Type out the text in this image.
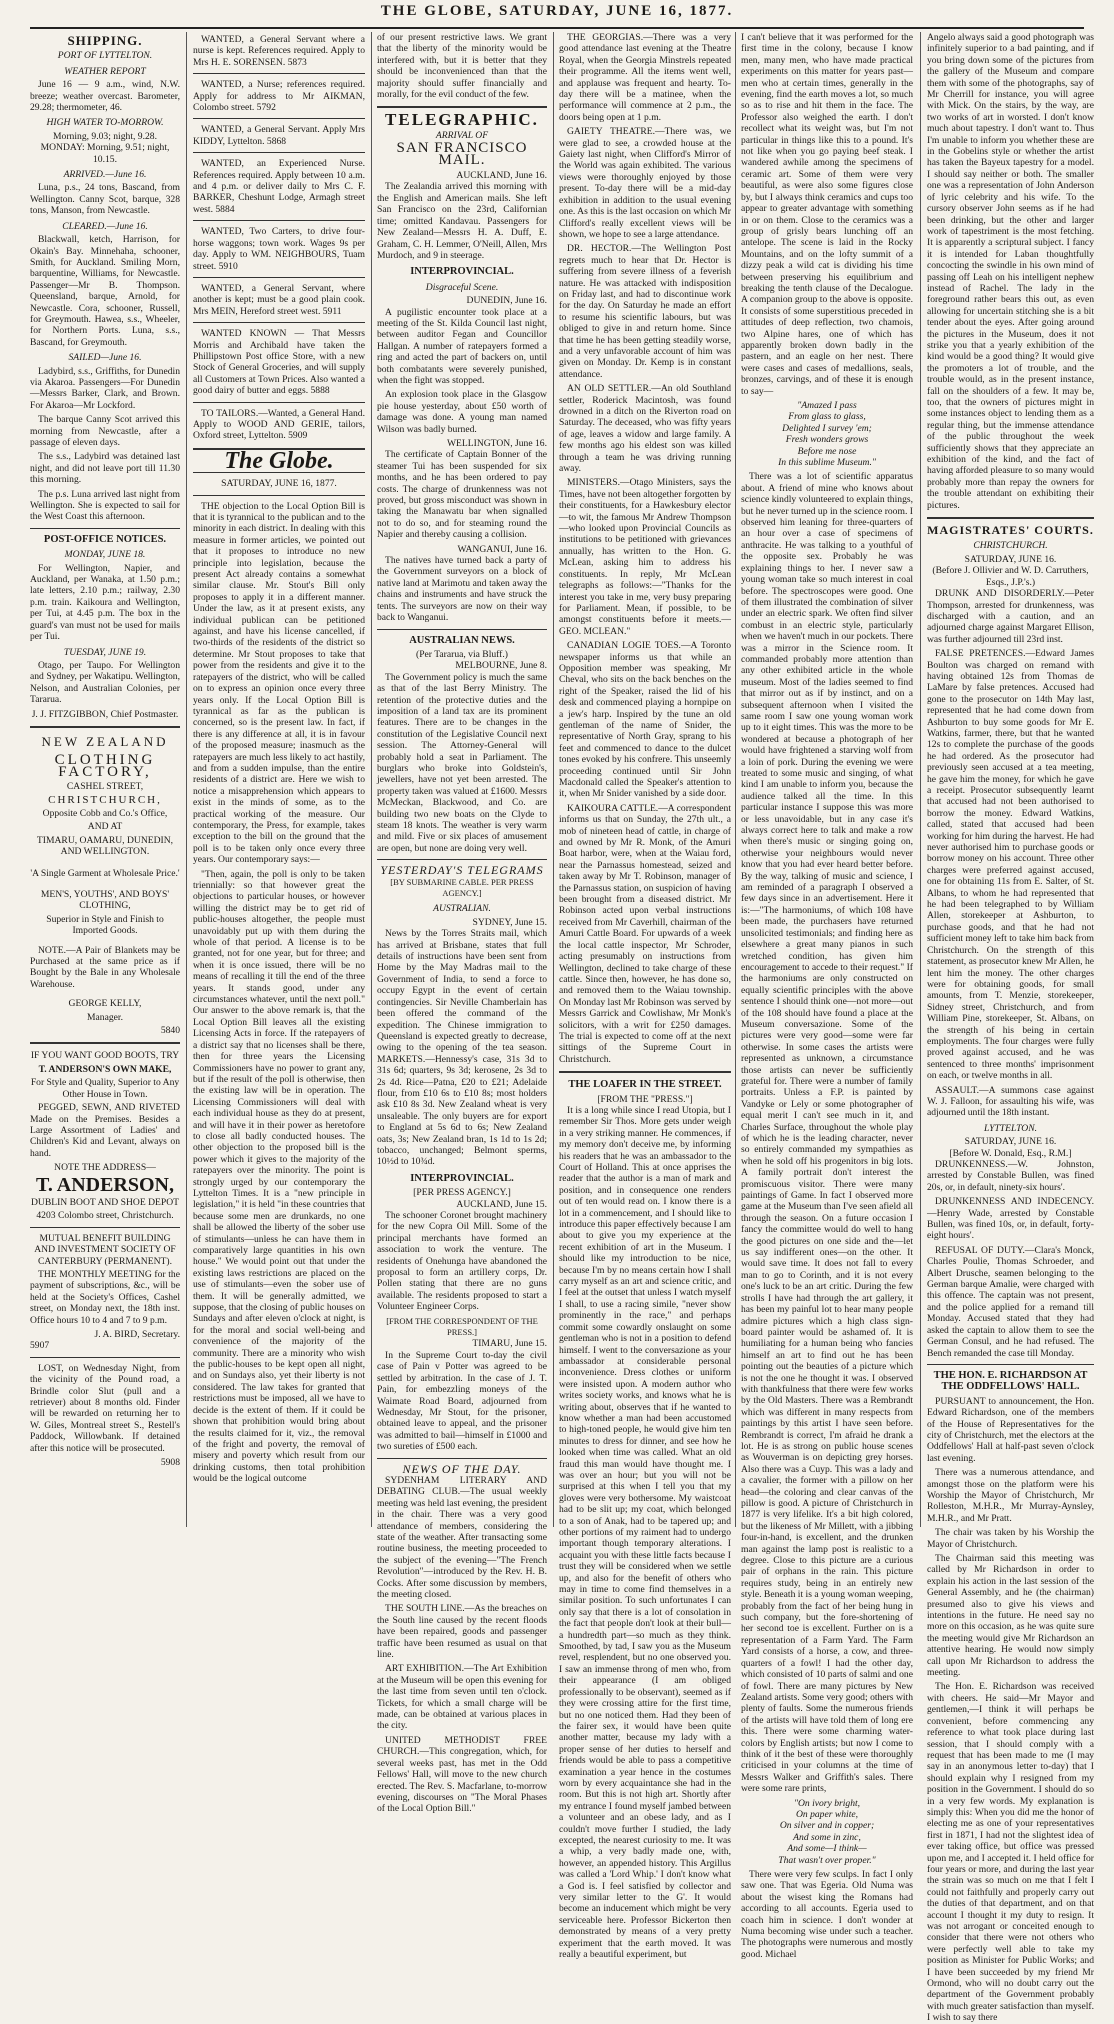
THE GLOBE, SATURDAY, JUNE 16, 1877.
SHIPPING.
PORT OF LYTTELTON.
WEATHER REPORT

June 16 — 9 a.m., wind, N.W. breeze; weather overcast. Barometer, 29.28; thermometer, 46.

HIGH WATER TO-MORROW.

Morning, 9.03; night, 9.28. MONDAY: Morning, 9.51; night, 10.15.

ARRIVED.—June 16.

Luna, p.s., 24 tons, Bascand, from Wellington. Canny Scot, barque, 328 tons, Manson, from Newcastle.

CLEARED.—June 16.

Blackwall, ketch, Harrison, for Okain's Bay. Minnehaha, schooner, Smith, for Auckland. Smiling Morn, barquentine, Williams, for Newcastle. Passenger—Mr B. Thompson. Queensland, barque, Arnold, for Newcastle. Cora, schooner, Russell, for Greymouth. Hawea, s.s., Wheeler, for Northern Ports. Luna, s.s., Bascand, for Greymouth.

SAILED—June 16.

Ladybird, s.s., Griffiths, for Dunedin via Akaroa. Passengers—For Dunedin—Messrs Barker, Clark, and Brown. For Akaroa—Mr Lockford.

The barque Canny Scot arrived this morning from Newcastle, after a passage of eleven days.

The s.s., Ladybird was detained last night, and did not leave port till 11.30 this morning.

The p.s. Luna arrived last night from Wellington. She is expected to sail for the West Coast this afternoon.

POST-OFFICE NOTICES.
MONDAY, JUNE 18.

For Wellington, Napier, and Auckland, per Wanaka, at 1.50 p.m.; late letters, 2.10 p.m.; railway, 2.30 p.m. train. Kaikoura and Wellington, per Tui, at 4.45 p.m. The box in the guard's van must not be used for mails per Tui.

TUESDAY, JUNE 19.

Otago, per Taupo. For Wellington and Sydney, per Wakatipu. Wellington, Nelson, and Australian Colonies, per Tararua.

J. J. FITZGIBBON, Chief Postmaster.

NEW ZEALAND
CLOTHING FACTORY,
CASHEL STREET,
CHRISTCHURCH,
Opposite Cobb and Co.'s Office,
AND AT
TIMARU, OAMARU, DUNEDIN, AND WELLINGTON.
'A Single Garment at Wholesale Price.'
MEN'S, YOUTHS', AND BOYS' CLOTHING,
Superior in Style and Finish to Imported Goods.

NOTE.—A Pair of Blankets may be Purchased at the same price as if Bought by the Bale in any Wholesale Warehouse.

GEORGE KELLY,
Manager.
5840
IF YOU WANT GOOD BOOTS, TRY
T. ANDERSON'S OWN MAKE,
For Style and Quality, Superior to Any Other House in Town.

PEGGED, SEWN, AND RIVETED Made on the Premises. Besides a Large Assortment of Ladies' and Children's Kid and Levant, always on hand.

NOTE THE ADDRESS—
T. ANDERSON,
DUBLIN BOOT AND SHOE DEPOT
4203 Colombo street, Christchurch.
MUTUAL BENEFIT BUILDING AND INVESTMENT SOCIETY OF CANTERBURY (PERMANENT).

THE MONTHLY MEETING for the payment of subscriptions, &c., will be held at the Society's Offices, Cashel street, on Monday next, the 18th inst. Office hours 10 to 4 and 7 to 9 p.m.

J. A. BIRD, Secretary.
5907

LOST, on Wednesday Night, from the vicinity of the Pound road, a Brindle color Slut (pull and a retriever) about 8 months old. Finder will be rewarded on returning her to W. Giles, Montreal street S., Restell's Paddock, Willowbank. If detained after this notice will be prosecuted.

5908

WANTED, a General Servant where a nurse is kept. References required. Apply to Mrs H. E. SORENSEN. 5873

WANTED, a Nurse; references required. Apply for address to Mr AIKMAN, Colombo street. 5792

WANTED, a General Servant. Apply Mrs KIDDY, Lyttelton. 5868

WANTED, an Experienced Nurse. References required. Apply between 10 a.m. and 4 p.m. or deliver daily to Mrs C. F. BARKER, Cheshunt Lodge, Armagh street west. 5884

WANTED, Two Carters, to drive four-horse waggons; town work. Wages 9s per day. Apply to WM. NEIGHBOURS, Tuam street. 5910

WANTED, a General Servant, where another is kept; must be a good plain cook. Mrs MEIN, Hereford street west. 5911

WANTED KNOWN — That Messrs Morris and Archibald have taken the Phillipstown Post office Store, with a new Stock of General Groceries, and will supply all Customers at Town Prices. Also wanted a good dairy of butter and eggs. 5888

TO TAILORS.—Wanted, a General Hand. Apply to WOOD AND GERIE, tailors, Oxford street, Lyttelton. 5909

The Globe.
SATURDAY, JUNE 16, 1877.

THE objection to the Local Option Bill is that it is tyrannical to the publican and to the minority in each district. In dealing with this measure in former articles, we pointed out that it proposes to introduce no new principle into legislation, because the present Act already contains a somewhat similar clause. Mr. Stout's Bill only proposes to apply it in a different manner. Under the law, as it at present exists, any individual publican can be petitioned against, and have his license cancelled, if two-thirds of the residents of the district so determine. Mr Stout proposes to take that power from the residents and give it to the ratepayers of the district, who will be called on to express an opinion once every three years only. If the Local Option Bill is tyrannical as far as the publican is concerned, so is the present law. In fact, if there is any difference at all, it is in favour of the proposed measure; inasmuch as the ratepayers are much less likely to act hastily, and from a sudden impulse, than the entire residents of a district are. Here we wish to notice a misapprehension which appears to exist in the minds of some, as to the practical working of the measure. Our contemporary, the Press, for example, takes exception to the bill on the ground that the poll is to be taken only once every three years. Our contemporary says:—

"Then, again, the poll is only to be taken triennially: so that however great the objections to particular houses, or however willing the district may be to get rid of public-houses altogether, the people must unavoidably put up with them during the whole of that period. A license is to be granted, not for one year, but for three; and when it is once issued, there will be no means of recalling it till the end of the three years. It stands good, under any circumstances whatever, until the next poll." Our answer to the above remark is, that the Local Option Bill leaves all the existing Licensing Acts in force. If the ratepayers of a district say that no licenses shall be there, then for three years the Licensing Commissioners have no power to grant any, but if the result of the poll is otherwise, then the existing law will be in operation. The Licensing Commissioners will deal with each individual house as they do at present, and will have it in their power as heretofore to close all badly conducted houses. The other objection to the proposed bill is the power which it gives to the majority of the ratepayers over the minority. The point is strongly urged by our contemporary the Lyttelton Times. It is a "new principle in legislation," it is held "in these countries that because some men are drunkards, no one shall be allowed the liberty of the sober use of stimulants—unless he can have them in comparatively large quantities in his own house." We would point out that under the existing laws restrictions are placed on the use of stimulants—even the sober use of them. It will be generally admitted, we suppose, that the closing of public houses on Sundays and after eleven o'clock at night, is for the moral and social well-being and convenience of the majority of the community. There are a minority who wish the public-houses to be kept open all night, and on Sundays also, yet their liberty is not considered. The law takes for granted that restrictions must be imposed, all we have to decide is the extent of them. If it could be shown that prohibition would bring about the results claimed for it, viz., the removal of the fright and poverty, the removal of misery and poverty which result from our drinking customs, then total prohibition would be the logical outcome

of our present restrictive laws. We grant that the liberty of the minority would be interfered with, but it is better that they should be inconvenienced than that the majority should suffer financially and morally, for the evil conduct of the few.

TELEGRAPHIC.
ARRIVAL OF
SAN FRANCISCO MAIL.
AUCKLAND, June 16.

The Zealandia arrived this morning with the English and American mails. She left San Francisco on the 23rd, Californian time; omitted Kandavau. Passengers for New Zealand—Messrs H. A. Duff, E. Graham, C. H. Lemmer, O'Neill, Allen, Mrs Murdoch, and 9 in steerage.

INTERPROVINCIAL.
Disgraceful Scene.
DUNEDIN, June 16.

A pugilistic encounter took place at a meeting of the St. Kilda Council last night, between auditor Fegan and Councillor Hallgan. A number of ratepayers formed a ring and acted the part of backers on, until both combatants were severely punished, when the fight was stopped.

An explosion took place in the Glasgow pie house yesterday, about £50 worth of damage was done. A young man named Wilson was badly burned.

WELLINGTON, June 16.

The certificate of Captain Bonner of the steamer Tui has been suspended for six months, and he has been ordered to pay costs. The charge of drunkenness was not proved, but gross misconduct was shown in taking the Manawatu bar when signalled not to do so, and for steaming round the Napier and thereby causing a collision.

WANGANUI, June 16.

The natives have turned back a party of the Government surveyors on a block of native land at Marimotu and taken away the chains and instruments and have struck the tents. The surveyors are now on their way back to Wanganui.

AUSTRALIAN NEWS.
(Per Tararua, via Bluff.)
MELBOURNE, June 8.

The Government policy is much the same as that of the last Berry Ministry. The retention of the protective duties and the imposition of a land tax are its prominent features. There are to be changes in the constitution of the Legislative Council next session. The Attorney-General will probably hold a seat in Parliament. The burglars who broke into Goldstein's, jewellers, have not yet been arrested. The property taken was valued at £1600. Messrs McMeckan, Blackwood, and Co. are building two new boats on the Clyde to steam 18 knots. The weather is very warm and mild. Five or six places of amusement are open, but none are doing very well.

YESTERDAY'S TELEGRAMS
[BY SUBMARINE CABLE. PER PRESS AGENCY.]
AUSTRALIAN.
SYDNEY, June 15.

News by the Torres Straits mail, which has arrived at Brisbane, states that full details of instructions have been sent from Home by the May Madras mail to the Government of India, to send a force to occupy Egypt in the event of certain contingencies. Sir Neville Chamberlain has been offered the command of the expedition. The Chinese immigration to Queensland is expected greatly to decrease, owing to the opening of the tea season. MARKETS.—Hennessy's case, 31s 3d to 31s 6d; quarters, 9s 3d; kerosene, 2s 3d to 2s 4d. Rice—Patna, £20 to £21; Adelaide flour, from £10 6s to £10 8s; most holders ask £10 8s 3d. New Zealand wheat is very unsaleable. The only buyers are for export to England at 5s 6d to 6s; New Zealand oats, 3s; New Zealand bran, 1s 1d to 1s 2d; tobacco, unchanged; Belmont sperms, 10½d to 10¾d.

INTERPROVINCIAL.
[PER PRESS AGENCY.]
AUCKLAND, June 15.

The schooner Coronet brought machinery for the new Copra Oil Mill. Some of the principal merchants have formed an association to work the venture. The residents of Onehunga have abandoned the proposal to form an artillery corps, Dr. Pollen stating that there are no guns available. The residents proposed to start a Volunteer Engineer Corps.

[FROM THE CORRESPONDENT OF THE PRESS.]
TIMARU, June 15.

In the Supreme Court to-day the civil case of Pain v Potter was agreed to be settled by arbitration. In the case of J. T. Pain, for embezzling moneys of the Waimate Road Board, adjourned from Wednesday, Mr Stout, for the prisoner, obtained leave to appeal, and the prisoner was admitted to bail—himself in £1000 and two sureties of £500 each.

NEWS OF THE DAY.

SYDENHAM LITERARY AND DEBATING CLUB.—The usual weekly meeting was held last evening, the president in the chair. There was a very good attendance of members, considering the state of the weather. After transacting some routine business, the meeting proceeded to the subject of the evening—"The French Revolution"—introduced by the Rev. H. B. Cocks. After some discussion by members, the meeting closed.

THE SOUTH LINE.—As the breaches on the South line caused by the recent floods have been repaired, goods and passenger traffic have been resumed as usual on that line.

ART EXHIBITION.—The Art Exhibition at the Museum will be open this evening for the last time from seven until ten o'clock. Tickets, for which a small charge will be made, can be obtained at various places in the city.

UNITED METHODIST FREE CHURCH.—This congregation, which, for several weeks past, has met in the Odd Fellows' Hall, will move to the new church erected. The Rev. S. Macfarlane, to-morrow evening, discourses on "The Moral Phases of the Local Option Bill."

THE GEORGIAS.—There was a very good attendance last evening at the Theatre Royal, when the Georgia Minstrels repeated their programme. All the items went well, and applause was frequent and hearty. To-day there will be a matinee, when the performance will commence at 2 p.m., the doors being open at 1 p.m.

GAIETY THEATRE.—There was, we were glad to see, a crowded house at the Gaiety last night, when Clifford's Mirror of the World was again exhibited. The various views were thoroughly enjoyed by those present. To-day there will be a mid-day exhibition in addition to the usual evening one. As this is the last occasion on which Mr Clifford's really excellent views will be shown, we hope to see a large attendance.

DR. HECTOR.—The Wellington Post regrets much to hear that Dr. Hector is suffering from severe illness of a feverish nature. He was attacked with indisposition on Friday last, and had to discontinue work for the day. On Saturday he made an effort to resume his scientific labours, but was obliged to give in and return home. Since that time he has been getting steadily worse, and a very unfavorable account of him was given on Monday. Dr. Kemp is in constant attendance.

AN OLD SETTLER.—An old Southland settler, Roderick Macintosh, was found drowned in a ditch on the Riverton road on Saturday. The deceased, who was fifty years of age, leaves a widow and large family. A few months ago his eldest son was killed through a team he was driving running away.

MINISTERS.—Otago Ministers, says the Times, have not been altogether forgotten by their constituents, for a Hawkesbury elector—to wit, the famous Mr Andrew Thompson—who looked upon Provincial Councils as institutions to be petitioned with grievances annually, has written to the Hon. G. McLean, asking him to address his constituents. In reply, Mr McLean telegraphs as follows:—"Thanks for the interest you take in me, very busy preparing for Parliament. Mean, if possible, to be amongst constituents before it meets.—GEO. MCLEAN."

CANADIAN LOGIE TOES.—A Toronto newspaper informs us that while an Opposition member was speaking, Mr Cheval, who sits on the back benches on the right of the Speaker, raised the lid of his desk and commenced playing a hornpipe on a jew's harp. Inspired by the tune an old gentleman of the name of Snider, the representative of North Gray, sprang to his feet and commenced to dance to the dulcet tones evoked by his confrere. This unseemly proceeding continued until Sir John Macdonald called the Speaker's attention to it, when Mr Snider vanished by a side door.

KAIKOURA CATTLE.—A correspondent informs us that on Sunday, the 27th ult., a mob of nineteen head of cattle, in charge of and owned by Mr R. Monk, of the Amuri Boat harbor, were, when at the Waiau ford, near the Parnassus homestead, seized and taken away by Mr T. Robinson, manager of the Parnassus station, on suspicion of having been brought from a diseased district. Mr Robinson acted upon verbal instructions received from Mr Caverhill, chairman of the Amuri Cattle Board. For upwards of a week the local cattle inspector, Mr Schroder, acting presumably on instructions from Wellington, declined to take charge of these cattle. Since then, however, he has done so, and removed them to the Waiau township. On Monday last Mr Robinson was served by Messrs Garrick and Cowlishaw, Mr Monk's solicitors, with a writ for £250 damages. The trial is expected to come off at the next sittings of the Supreme Court in Christchurch.

THE LOAFER IN THE STREET.
[FROM THE "PRESS."]

It is a long while since I read Utopia, but I remember Sir Thos. More gets under weigh in a very striking manner. He commences, if my memory don't deceive me, by informing his readers that he was an ambassador to the Court of Holland. This at once apprises the reader that the author is a man of mark and position, and in consequence one renders out of ten would read on. I know there is a lot in a commencement, and I should like to introduce this paper effectively because I am about to give you my experience at the recent exhibition of art in the Museum. I should like my introduction to be nice, because I'm by no means certain how I shall carry myself as an art and science critic, and I feel at the outset that unless I watch myself I shall, to use a racing simile, "never show prominently in the race," and perhaps commit some cowardly onslaught on some gentleman who is not in a position to defend himself. I went to the conversazione as your ambassador at considerable personal inconvenience. Dress clothes or uniform were insisted upon. A modern author who writes society works, and knows what he is writing about, observes that if he wanted to know whether a man had been accustomed to high-toned people, he would give him ten minutes to dress for dinner, and see how he looked when time was called. What an old fraud this man would have thought me. I was over an hour; but you will not be surprised at this when I tell you that my gloves were very bothersome. My waistcoat had to be slit up; my coat, which belonged to a son of Anak, had to be tapered up; and other portions of my raiment had to undergo important though temporary alterations. I acquaint you with these little facts because I trust they will be considered when we settle up, and also for the benefit of others who may in time to come find themselves in a similar position. To such unfortunates I can only say that there is a lot of consolation in the fact that people don't look at their bull—a hundredth part—so much as they think. Smoothed, by tad, I saw you as the Museum revel, resplendent, but no one observed you. I saw an immense throng of men who, from their appearance (I am obliged professionally to be observant), seemed as if they were crossing attire for the first time, but no one noticed them. Had they been of the fairer sex, it would have been quite another matter, because my lady with a proper sense of her duties to herself and friends would be able to pass a competitive examination a year hence in the costumes worn by every acquaintance she had in the room. But this is not high art. Shortly after my entrance I found myself jambed between a volunteer and an obese lady, and as I couldn't move further I studied, the lady excepted, the nearest curiosity to me. It was a whip, a very badly made one, with, however, an appended history. This Argillus was called a 'Lord Whip.' I don't know what a God is. I feel satisfied by collector and very similar letter to the G'. It would become an inducement which might be very serviceable here. Professor Bickerton then demonstrated by means of a very pretty experiment that the earth moved. It was really a beautiful experiment, but

I can't believe that it was performed for the first time in the colony, because I know men, many men, who have made practical experiments on this matter for years past—men who at certain times, generally in the evening, find the earth moves a lot, so much so as to rise and hit them in the face. The Professor also weighed the earth. I don't recollect what its weight was, but I'm not particular in things like this to a pound. It's not like when you go paying beef steak. I wandered awhile among the specimens of ceramic art. Some of them were very beautiful, as were also some figures close by, but I always think ceramics and cups too appear to greater advantage with something in or on them. Close to the ceramics was a group of grisly bears lunching off an antelope. The scene is laid in the Rocky Mountains, and on the lofty summit of a dizzy peak a wild cat is dividing his time between preserving his equilibrium and breaking the tenth clause of the Decalogue. A companion group to the above is opposite. It consists of some superstitious preceded in attitudes of deep reflection, two chamois, two Alpine hares, one of which has apparently broken down badly in the pastern, and an eagle on her nest. There were cases and cases of medallions, seals, bronzes, carvings, and of these it is enough to say—

"Amazed I pass
From glass to glass,
Delighted I survey 'em;
Fresh wonders grows
Before me nose
In this sublime Museum."

There was a lot of scientific apparatus about. A friend of mine who knows about science kindly volunteered to explain things, but he never turned up in the science room. I observed him leaning for three-quarters of an hour over a case of specimens of anthracite. He was talking to a youthful of the opposite sex. Probably he was explaining things to her. I never saw a young woman take so much interest in coal before. The spectroscopes were good. One of them illustrated the combination of silver under an electric spark. We often find silver combust in an electric style, particularly when we haven't much in our pockets. There was a mirror in the Science room. It commanded probably more attention than any other exhibited article in the whole museum. Most of the ladies seemed to find that mirror out as if by instinct, and on a subsequent afternoon when I visited the same room I saw one young woman work up to it eight times. This was the more to be wondered at because a photograph of her would have frightened a starving wolf from a loin of pork. During the evening we were treated to some music and singing, of what kind I am unable to inform you, because the audience talked all the time. In this particular instance I suppose this was more or less unavoidable, but in any case it's always correct here to talk and make a row when there's music or singing going on, otherwise your neighbours would never know that you had ever heard better before. By the way, talking of music and science, I am reminded of a paragraph I observed a few days since in an advertisement. Here it is:—"The harmoniums, of which 108 have been made, the purchasers have returned unsolicited testimonials; and finding here as elsewhere a great many pianos in such wretched condition, has given him encouragement to accede to their request." If the harmoniums are only constructed on equally scientific principles with the above sentence I should think one—not more—out of the 108 should have found a place at the Museum conversazione. Some of the pictures were very good—some were far otherwise. In some cases the artists were represented as unknown, a circumstance those artists can never be sufficiently grateful for. There were a number of family portraits. Unless a F.P. is painted by Vandyke or Lely or some photographer of equal merit I can't see much in it, and Charles Surface, throughout the whole play of which he is the leading character, never so entirely commanded my sympathies as when he sold off his progenitors in big lots. A family portrait don't interest the promiscuous visitor. There were many paintings of Game. In fact I observed more game at the Museum than I've seen afield all through the season. On a future occasion I fancy the committee would do well to hang the good pictures on one side and the—let us say indifferent ones—on the other. It would save time. It does not fall to every man to go to Corinth, and it is not every one's luck to be an art critic. During the few strolls I have had through the art gallery, it has been my painful lot to hear many people admire pictures which a high class sign-board painter would be ashamed of. It is humiliating for a human being who fancies himself an art to find out he has been pointing out the beauties of a picture which is not the one he thought it was. I observed with thankfulness that there were few works by the Old Masters. There was a Rembrandt which was different in many respects from paintings by this artist I have seen before. Rembrandt is correct, I'm afraid he drank a lot. He is as strong on public house scenes as Wouverman is on depicting grey horses. Also there was a Cuyp. This was a lady and a cavalier, the former with a pillow on her head—the coloring and clear canvas of the pillow is good. A picture of Christchurch in 1877 is very lifelike. It's a bit high colored, but the likeness of Mr Millett, with a jibbing four-in-hand, is excellent, and the drunken man against the lamp post is realistic to a degree. Close to this picture are a curious pair of orphans in the rain. This picture requires study, being in an entirely new style. Beneath it is a young woman weeping, probably from the fact of her being hung in such company, but the fore-shortening of her second toe is excellent. Further on is a representation of a Farm Yard. The Farm Yard consists of a horse, a cow, and three-quarters of a fowl! I had the other day, which consisted of 10 parts of salmi and one of fowl. There are many pictures by New Zealand artists. Some very good; others with plenty of faults. Some the numerous friends of the artists will have told them of long ere this. There were some charming water-colors by English artists; but now I come to think of it the best of these were thoroughly criticised in your columns at the time of Messrs Walker and Griffith's sales. There were some rare prints,

"On ivory bright,
On paper white,
On silver and in copper;
And some in zinc,
And some—I think—
That wasn't over proper."

There were very few sculps. In fact I only saw one. That was Egeria. Old Numa was about the wisest king the Romans had according to all accounts. Egeria used to coach him in science. I don't wonder at Numa becoming wise under such a teacher. The photographs were numerous and mostly good. Michael

Angelo always said a good photograph was infinitely superior to a bad painting, and if you bring down some of the pictures from the gallery of the Museum and compare them with some of the photographs, say of Mr Cherrill for instance, you will agree with Mick. On the stairs, by the way, are two works of art in worsted. I don't know much about tapestry. I don't want to. Thus I'm unable to inform you whether these are in the Gobelins style or whether the artist has taken the Bayeux tapestry for a model. I should say neither or both. The smaller one was a representation of John Anderson of lyric celebrity and his wife. To the cursory observer John seems as if he had been drinking, but the other and larger work of tapestriment is the most fetching. It is apparently a scriptural subject. I fancy it is intended for Laban thoughtfully concocting the swindle in his own mind of passing off Leah on his intelligent nephew instead of Rachel. The lady in the foreground rather bears this out, as even allowing for uncertain stitching she is a bit tender about the eyes. After going around the pictures in the Museum, does it not strike you that a yearly exhibition of the kind would be a good thing? It would give the promoters a lot of trouble, and the trouble would, as in the present instance, fall on the shoulders of a few. It may be, too, that the owners of pictures might in some instances object to lending them as a regular thing, but the immense attendance of the public throughout the week sufficiently shows that they appreciate an exhibition of the kind, and the fact of having afforded pleasure to so many would probably more than repay the owners for the trouble attendant on exhibiting their pictures.

MAGISTRATES' COURTS.
CHRISTCHURCH.
SATURDAY, JUNE 16.
(Before J. Ollivier and W. D. Carruthers, Esqs., J.P.'s.)

DRUNK AND DISORDERLY.—Peter Thompson, arrested for drunkenness, was discharged with a caution, and an adjourned charge against Margaret Ellison, was further adjourned till 23rd inst.

FALSE PRETENCES.—Edward James Boulton was charged on remand with having obtained 12s from Thomas de LaMare by false pretences. Accused had gone to the prosecutor on 14th May last, represented that he had come down from Ashburton to buy some goods for Mr E. Watkins, farmer, there, but that he wanted 12s to complete the purchase of the goods he had ordered. As the prosecutor had previously seen accused at a tea meeting, he gave him the money, for which he gave a receipt. Prosecutor subsequently learnt that accused had not been authorised to borrow the money. Edward Watkins, called, stated that accused had been working for him during the harvest. He had never authorised him to purchase goods or borrow money on his account. Three other charges were preferred against accused, one for obtaining 11s from E. Salter, of St. Albans, to whom he had represented that he had been telegraphed to by William Allen, storekeeper at Ashburton, to purchase goods, and that he had not sufficient money left to take him back from Christchurch. On the strength of this statement, as prosecutor knew Mr Allen, he lent him the money. The other charges were for obtaining goods, for small amounts, from T. Menzie, storekeeper, Sidney street, Christchurch, and from William Pine, storekeeper, St. Albans, on the strength of his being in certain employments. The four charges were fully proved against accused, and he was sentenced to three months' imprisonment on each, or twelve months in all.

ASSAULT.—A summons case against W. J. Falloon, for assaulting his wife, was adjourned until the 18th instant.

LYTTELTON.
SATURDAY, JUNE 16.
[Before W. Donald, Esq., R.M.]

DRUNKENNESS.—W. Johnston, arrested by Constable Bullen, was fined 20s, or, in default, ninety-six hours'.

DRUNKENNESS AND INDECENCY.—Henry Wade, arrested by Constable Bullen, was fined 10s, or, in default, forty-eight hours'.

REFUSAL OF DUTY.—Clara's Monck, Charles Poulie, Thomas Schroeder, and Albert Drusche, seamen belonging to the German barque Amalie, were charged with this offence. The captain was not present, and the police applied for a remand till Monday. Accused stated that they had asked the captain to allow them to see the German Consul, and he had refused. The Bench remanded the case till Monday.

THE HON. E. RICHARDSON AT THE ODDFELLOWS' HALL.

PURSUANT to announcement, the Hon. Edward Richardson, one of the members of the House of Representatives for the city of Christchurch, met the electors at the Oddfellows' Hall at half-past seven o'clock last evening.

There was a numerous attendance, and amongst those on the platform were his Worship the Mayor of Christchurch, Mr Rolleston, M.H.R., Mr Murray-Aynsley, M.H.R., and Mr Pratt.

The chair was taken by his Worship the Mayor of Christchurch.

The Chairman said this meeting was called by Mr Richardson in order to explain his action in the last session of the General Assembly, and he (the chairman) presumed also to give his views and intentions in the future. He need say no more on this occasion, as he was quite sure the meeting would give Mr Richardson an attentive hearing. He would now simply call upon Mr Richardson to address the meeting.

The Hon. E. Richardson was received with cheers. He said—Mr Mayor and gentlemen,—I think it will perhaps be convenient, before commencing any reference to what took place during last session, that I should comply with a request that has been made to me (I may say in an anonymous letter to-day) that I should explain why I resigned from my position in the Government. I should do so in a very few words. My explanation is simply this: When you did me the honor of electing me as one of your representatives first in 1871, I had not the slightest idea of ever taking office, but office was pressed upon me, and I accepted it. I held office for four years or more, and during the last year the strain was so much on me that I felt I could not faithfully and properly carry out the duties of that department, and on that account I thought it my duty to resign. It was not arrogant or conceited enough to consider that there were not others who were perfectly well able to take my position as Minister for Public Works; and I have been succeeded by my friend Mr Ormond, who will no doubt carry out the department of the Government probably with much greater satisfaction than myself. I wish to say there
